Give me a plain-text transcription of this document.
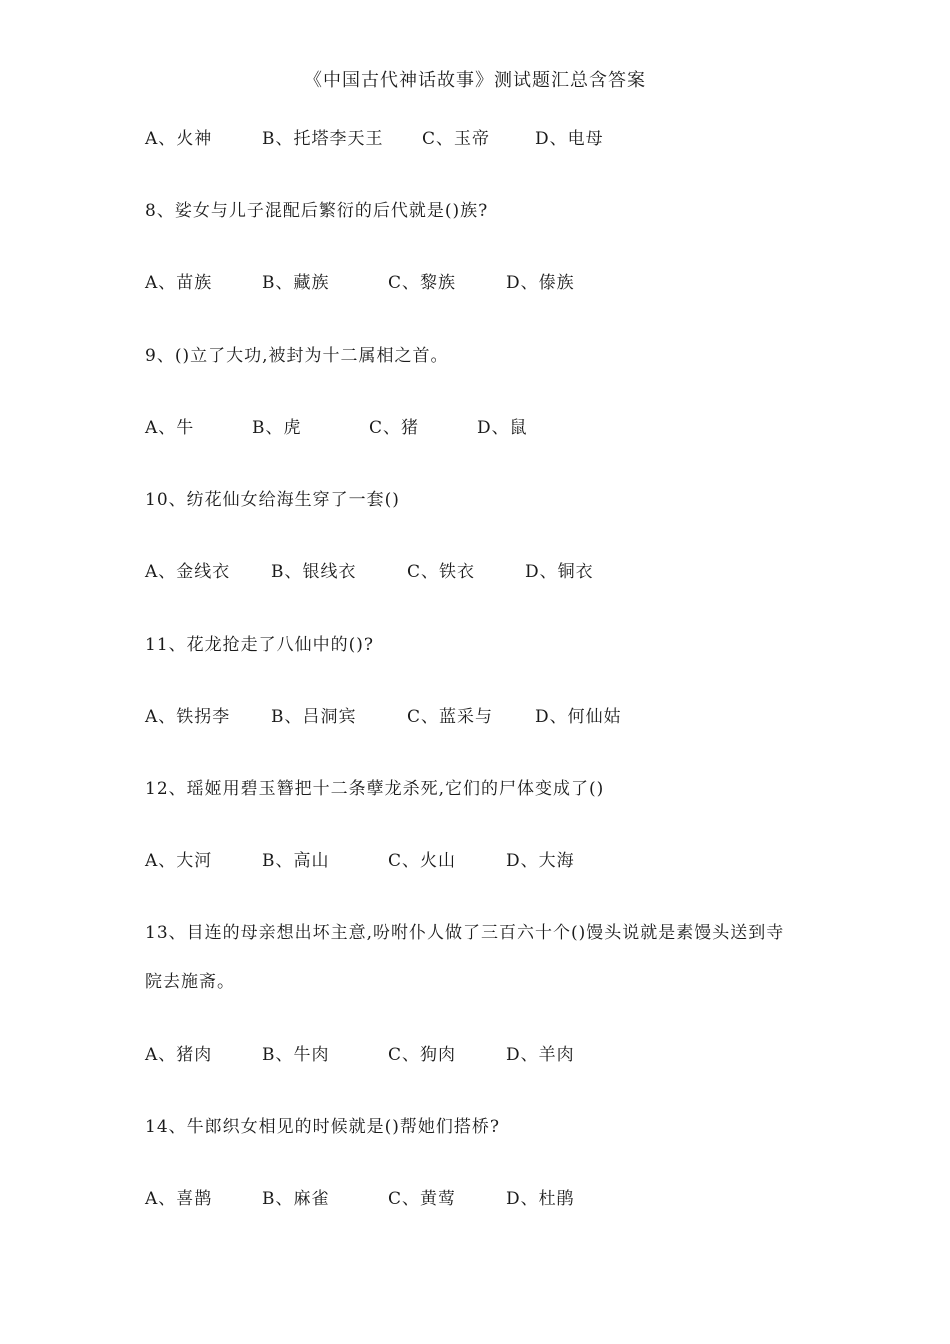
《中国古代神话故事》测试题汇总含答案
A、火神	B、托塔李天王 C、玉帝	D、电母
8、娑女与儿子混配后繁衍的后代就是()族?
A、苗族	B、藏族	C、黎族	D、傣族
9、()立了大功,被封为十二属相之首。
A、牛	B、虎	C、猪	D、鼠
10、纺花仙女给海生穿了一套()
A、金线衣 B、银线衣	C、铁衣	D、铜衣
11、花龙抢走了八仙中的()?
A、铁拐李 B、吕洞宾	C、蓝采与 D、何仙姑
12、瑶姬用碧玉簪把十二条孽龙杀死,它们的尸体变成了()
A、大河	B、高山	C、火山	D、大海
13、目连的母亲想出坏主意,吩咐仆人做了三百六十个()馒头说就是素馒头送到寺
院去施斋。
A、猪肉	B、牛肉	C、狗肉	D、羊肉
14、牛郎织女相见的时候就是()帮她们搭桥?
A、喜鹊	B、麻雀	C、黄莺	D、杜鹃
